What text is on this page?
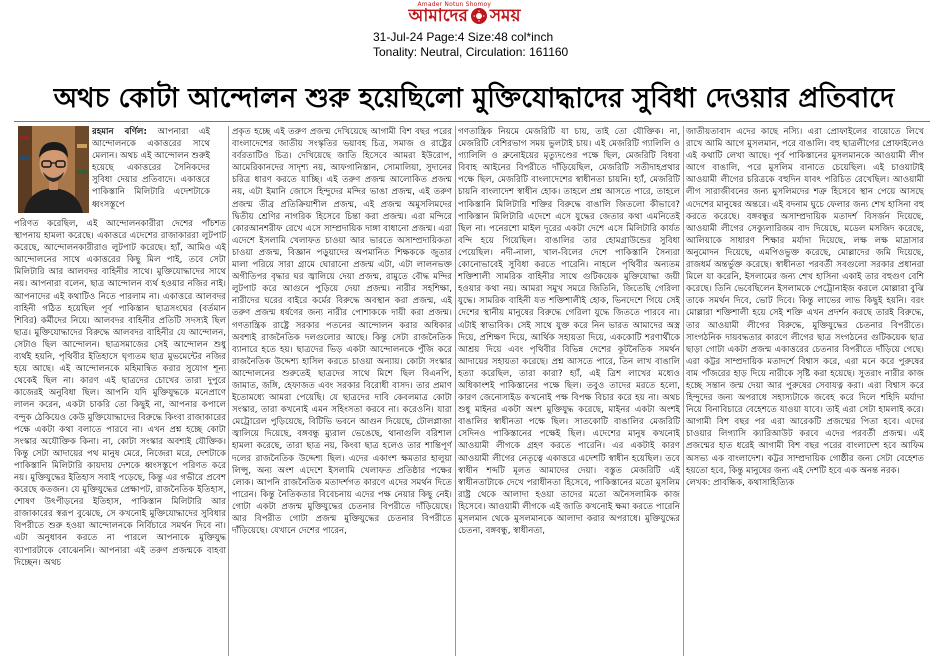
Amader Notun Shomoy
আমাদের সময়
31-Jul-24 Page:4 Size:48 col*inch
Tonality: Neutral, Circulation: 161160
অথচ কোটা আন্দোলন শুরু হয়েছিলো মুক্তিযোদ্ধাদের সুবিধা দেওয়ার প্রতিবাদে

রহমান বর্ণিল: আপনারা এই আন্দোলনকে একাত্তরের সাথে মেলান। অথচ এই আন্দোলন শুরুই হয়েছে একাত্তরের সৈনিকদের সুবিধা দেয়ার প্রতিবাদে। একাত্তরে পাকিস্তানি মিলিটারি এদেশটাকে ধ্বংসস্তূপে

পরিণত করেছিল, এই আন্দোলনকারীরা দেশের পাঁচশত স্থাপনায় হামলা করেছে। একাত্তরে এদেশের রাজাকাররা লুটপাট করেছে, আন্দোলনকারীরাও লুটপাট করেছে। হ্যাঁ, আমিও এই আন্দোলনের সাথে একাত্তরের কিছু মিল পাই, তবে সেটা মিলিটারি আর আলবদর বাহিনীর সাথে। মুক্তিযোদ্ধাদের সাথে নয়। আপনারা বলেন, ছাত্র আন্দোলন ব্যর্থ হওয়ার নজির নাই। আপনাদের এই কথাটিও নিতে পারলাম না। একাত্তরে আলবদর বাহিনী গঠিত হয়েছিল পূর্ব পাকিস্তান ছাত্রসংঘের (বর্তমান শিবির) কর্মীদের নিয়ে। আলবদর বাহিনীর প্রতিটি সদস্যই ছিল ছাত্র। মুক্তিযোদ্ধাদের বিরুদ্ধে আলবদর বাহিনীর যে আন্দোলন, সেটাও ছিল আন্দোলন। ছাত্রসমাজের সেই আন্দোলন শুধু ব্যর্থই হয়নি, পৃথিবীর ইতিহাসে ঘৃণ্যতম ছাত্র মুভমেন্টের নজির হয়ে আছে। এই আন্দোলনকে মহিমান্বিত করার সুযোগ শূন্য থেকেই ছিল না। কারণ এই ছাত্রদের চোখের তারা দুপুরে কাজেরই অনুবিধা ছিল। আপনি যদি মুক্তিযুদ্ধকে মনেপ্রাণে লালন করেন, একটা চাকরি তো কিছুই না, আপনার কপালে বন্দুক ঠেকিয়েও কেউ মুক্তিযোদ্ধাদের বিরুদ্ধে কিংবা রাজাকারের পক্ষে একটা কথা বলাতে পারবে না। এখন প্রশ্ন হচ্ছে কোটা সংস্কার অযৌক্তিক কিনা। না, কোটা সংস্কার অবশ্যই যৌক্তিক। কিন্তু সেটা আদায়ের পথ মানুষ মেরে, নিজেরা মরে, দেশটাকে পাকিস্তানি মিলিটারি কায়দায় দেশকে ধ্বংসস্তূপে পরিণত করে নয়। মুক্তিযুদ্ধের ইতিহাস সবাই পড়েছে, কিন্তু এর গভীরে প্রবেশ করেছে কতজন। যে মুক্তিযুদ্ধের প্রেক্ষাপট, রাজনৈতিক ইতিহাস, শোষণ উৎপীড়নের ইতিহাস, পাকিস্তান মিলিটারি আর রাজাকারের স্বরূপ বুঝেছে, সে কখনোই মুক্তিযোদ্ধাদের সুবিধার বিপরীতে শুরু হওয়া আন্দোলনকে নির্বিচারে সমর্থন দিবে না। এটা অনুধাবন করতে না পারলে আপনাকে মুক্তিযুদ্ধ ব্যাপারটাকে বোঝেননি। আপনারা এই তরুণ প্রজন্মকে বাহবা দিচ্ছেন। অথচ

প্রকৃত হচ্ছে এই তরুণ প্রজন্ম দেখিয়েছে আগামী বিশ বছর পরের বাংলাদেশের জাতীয় সংস্কৃতির ভয়াবহ চিত্র, সমাজ ও রাষ্ট্রের বর্বরতাটিও চিত্র। দেখিয়েছে জাতি হিসেবে আমরা ইউরোপ, আমেরিকানদের সাদৃশ্য নয়, আফগানিস্তান, সোমালিয়া, সুদানের চরিত্র ধারণ করতে যাচ্ছি। এই তরুণ প্রজন্ম আলোকিত প্রজন্ম নয়, এটা ইমানি জোসে হিন্দুদের মন্দির ভাঙা প্রজন্ম, এই তরুণ প্রজন্ম তীব্র প্রতিক্রিয়াশীল প্রজন্ম, এই প্রজন্ম অমুসলিমদের দ্বিতীয় শ্রেণির নাগরিক হিসেবে চিন্তা করা প্রজন্ম। এরা মন্দিরে কোরআনশরীফ রেখে এসে সাম্প্রদায়িক দাঙ্গা বাধানো প্রজন্ম। এরা এদেশে ইসলামি খেলাফত চাওয়া আর ভারতে অসাম্প্রদায়িকতা চাওয়া প্রজন্ম, বিজ্ঞান পড়ুয়াদের অপমানিত শিক্ষককে জুতার মালা পরিয়ে সারা গ্রামে ঘোরানো প্রজন্ম এটা, এটা লালনভক্ত অগীতিপর বৃদ্ধার ঘর জ্বালিয়ে দেয়া প্রজন্ম, রামুতে বৌদ্ধ মন্দির লুটপাট করে আগুনে পুড়িয়ে দেয়া প্রজন্ম। নারীর সহশিক্ষা, নারীদের ঘরের বাইরে কর্মের বিরুদ্ধে অবস্থান করা প্রজন্ম, এই তরুণ প্রজন্ম ধর্ষণের জন্য নারীর পোশাককে দায়ী করা প্রজন্ম। গণতান্ত্রিক রাষ্ট্রে সরকার পতনের আন্দোলন করার অধিকার অবশ্যই রাজনৈতিক দলগুলোর আছে। কিন্তু সেটা রাজনৈতিক ব্যানারে হতে হয়। ছাত্রদের ভিড় একটা আন্দোলনকে পুঁজি করে রাজনৈতিক উদ্দেশ্য হাসিল করতে চাওয়া অন্যায়। কোটা সংস্কার আন্দোলনের শুরুতেই ছাত্রদের সাথে মিশে ছিল বিএনপি, জামাত, জঙ্গি, হেফাজত এবং সরকার বিরোধী বাসদ। তার প্রমাণ ইতোমধ্যে আমরা পেয়েছি। যে ছাত্রদের দাবি কেবলমাত্র কোটা সংস্কার, তারা কখনোই এমন সহিংসতা করবে না। করেওনি। যারা মেট্রোরেল পুড়িয়েছে, বিটিভি ভবনে আগুন দিয়েছে, টোলপ্লাজা জ্বালিয়ে দিয়েছে, বঙ্গবন্ধু ম্যুরাল ভেঙেছে, থানাগুলি বরিশাল হামলা করেছে, তারা ছাত্র নয়, কিংবা ছাত্র হলেও তার শান্তিপূর্ণ দলের রাজনৈতিক উদ্দেশ্য ছিল। এদের একাংশ ক্ষমতার হালুয়া লিপ্সু, অন্য অংশ এদেশে ইসলামি খেলাফত প্রতিষ্ঠার পক্ষের লোক। আপনি রাজনৈতিক মতাদর্শগত কারণে এদের সমর্থন দিতে পারেন। কিন্তু নৈতিকতার বিবেচনায় এদের পক্ষ নেয়ার কিছু নেই। গোটা একটা প্রজন্ম মুক্তিযুদ্ধের চেতনার বিপরীতে দাঁড়িয়েছে। আর বিপরীত গোটা প্রজন্ম মুক্তিযুদ্ধের চেতনার বিপরীতে দাঁড়িয়েছে। যেখানে দেশের পারেন,

গণতান্ত্রিক নিয়মে মেজরিটি যা চায়, তাই তো যৌক্তিক। না, মেজরিটি বেশিরভাগ সময় ভুলটাই চায়। এই মেজরিটি গ্যালিলি ও গ্যালিলি ও ব্রুনোইয়ের মৃত্যুদণ্ডের পক্ষে ছিল, মেজরিটি বিধবা বিবাহ আইনের বিপরীতে দাঁড়িয়েছিল, মেজরিটি সতীদাহপ্রথার পক্ষে ছিল, মেজরিটি বাংলাদেশের স্বাধীনতা চায়নি। হ্যাঁ, মেজরিটি চায়নি বাংলাদেশ স্বাধীন হোক। তাহলে প্রশ্ন আসতে পারে, তাহলে পাকিস্তানি মিলিটারি শক্তির বিরুদ্ধে বাঙালি জিতলো কীভাবে? পাকিস্তান মিলিটারি এদেশে এসে যুদ্ধের জেতার কথা এমনিতেই ছিল না। পনেরশো মাইল দূরের একটা দেশে এসে মিলিটারি কার্যত বন্দি হয়ে গিয়েছিল। বাঙালির তার হোমগ্রাউন্ডের সুবিধা পেয়েছিল। নদী-নালা, খাল-বিলের দেশে পাকিস্তানি সৈন্যরা কোনোভাবেই সুবিধা করতে পারেনি। নাহলে পৃথিবীর অন্যতম শক্তিশালী সামরিক বাহিনীর সাথে গুটিকয়েক মুক্তিযোদ্ধা জয়ী হওয়ার কথা নয়। আমরা সমুখ সমরে জিতিনি, জিতেছি গেরিলা যুদ্ধে। সামরিক বাহিনী যত শক্তিশালীই হোক, ভিনদেশে গিয়ে সেই দেশের স্থানীয় মানুষের বিরুদ্ধে গেরিলা যুদ্ধে জিততে পারবে না। এটাই স্বাভাবিক। সেই সাথে যুক্ত করে নিন ভারত আমাদের অস্ত্র দিয়ে, প্রশিক্ষণ দিয়ে, আর্থিক সহায়তা দিয়ে, এককোটি শরণার্থীকে আশ্রয় দিয়ে এবং পৃথিবীর বিভিন্ন দেশের কূটনৈতিক সমর্থন আদায়ের সহায়তা করেছে। প্রশ্ন আসতে পারে, তিন লাখ বাঙালি হত্যা করেছিল, তারা কারা? হ্যাঁ, এই ত্রিশ লাখের মধ্যেও অধিকাংশই পাকিস্তানের পক্ষে ছিল। তবুও তাদের মরতে হলো, কারণ জেনোসাইড কখনোই পক্ষ বিপক্ষ বিচার করে হয় না। অথচ শুধু মাইনর একটা অংশ মুক্তিযুদ্ধ করেছে, মাইনর একটা অংশই বাঙালির স্বাধীনতা পক্ষে ছিল। সাতকোটি বাঙালির মেজরিটি সেদিনও পাকিস্তানের পক্ষেই ছিল। এদেশের মানুষ কখনোই আওয়ামী লীগকে গ্রহণ করতে পারেনি। এর একটাই কারণ আওয়ামী লীগের নেতৃত্বে একাত্তরে এদেশটি স্বাধীন হয়েছিল। তবে স্বাধীন শব্দটি মূলত আমাদের দেয়া। বস্তুত মেজরিটি এই স্বাধীনতাটাকে দেখে পরাধীনতা হিসেবে, পাকিস্তানের মতো মুসলিম রাষ্ট্র থেকে আলাদা হওয়া তাদের মতো অনৈসলামিক কাজ হিসেবে। আওয়ামী লীগকে এই জাতি কখনোই ক্ষমা করতে পারেনি মুসলমান থেকে মুসলমানকে আলাদা করার অপরাধে। মুক্তিযুদ্ধের চেতনা, বঙ্গবন্ধু, স্বাধীনতা,

জাতীয়তাবাদ এদের কাছে নস্যি। এরা প্রোফাইলের বায়োতে লিখে রাখে আমি আগে মুসলমান, পরে বাঙালি। বহু ছাত্রলীগের প্রোফাইলেও এই কথাটি লেখা আছে। পূর্ব পাকিস্তানের মুসলমানকে আওয়ামী লীগ আগে বাঙালি, পরে মুসলিম বানাতে চেয়েছিল। এই চাওয়াটাই আওয়ামী লীগের চরিত্রকে বহুদিন যাবৎ পরিচিত রেখেছিল। আওয়ামী লীগ সারাজীবনের জন্য মুসলিমদের শত্রু হিসেবে স্থান পেয়ে আসছে এদেশের মানুষের অন্তরে। এই বদনাম ঘুচে ফেলার জন্য শেখ হাসিনা বহু করতে করেছে। বঙ্গবন্ধুর অসাম্প্রদায়িক মতাদর্শ বিসর্জন দিয়েছে, আওয়ামী লীগের সেক্যুলারিজম বাদ দিয়েছে, মডেল মসজিদ করেছে, আলিয়াকে সাধারণ শিক্ষার মর্যাদা দিয়েছে, লক্ষ লক্ষ মাদ্রাসার অনুমোদন দিয়েছে, এমপিওভুক্ত করেছে, মোল্লাদের জমি দিয়েছে, রাজধর্ম অন্তর্ভুক্ত করেছে। স্বাধীনতা পরবর্তী সবগুলো সরকার প্রধানরা মিলে যা করেনি, ইসলামের জন্য শেখ হাসিনা একাই তার বহুগুণ বেশি করেছে। তিনি ভেবেছিলেন ইসলামকে পেট্রোনাইজ করলে মোল্লারা বুঝি তাকে সমর্থন দিবে, ভোট দিবে। কিন্তু লাভের লাভ কিছুই হয়নি। বরং মোল্লারা শক্তিশালী হয়ে সেই শক্তি এখন প্রদর্শন করছে তারই বিরুদ্ধে, তার আওয়ামী লীগের বিরুদ্ধে, মুক্তিযুদ্ধের চেতনার বিপরীতে। সাংগঠনিক দায়বদ্ধতার কারণে লীগের ছাত্র সংগঠনের গুটিকয়েক ছাত্র ছাড়া গোটা একটা প্রজন্ম একাত্তরের চেতনার বিপরীতে দাঁড়িয়ে গেছে। এরা কট্টর সাম্প্রদায়িক মতাদর্শে বিশ্বাস করে, এরা মনে করে পুরুষের বাম পাঁজরের হাড় দিয়ে নারীকে সৃষ্টি করা হয়েছে। সুতরাং নারীর কাজ হচ্ছে সন্তান জন্ম দেয়া আর পুরুষের সেবাযত্ন করা। এরা বিশ্বাস করে হিন্দুদের জন্য অপরাধে সহাস্যটাকে জবেহ করে দিলে শহিদি মর্যাদা নিয়ে বিনাবিচারে বেহেশতে যাওয়া যাবে। তাই এরা সেটা হামলাই করে। আগামী বিশ বছর পর এরা আরেকটি প্রজন্মের পিতা হবে। এদের চাওয়ার লিগ্যাসি ক্যারিআউট করবে এদের পরবর্তী প্রজন্ম। এই প্রজন্মের হাত ধরেই আগামী বিশ বছর পরের বাংলাদেশ হবে আফিম অসভ্য এক বাংলাদেশ। কট্টর সাম্প্রদায়িক গোষ্ঠীর জন্য সেটা বেহেশত হয়তো হবে, কিন্তু মানুষের জন্য এই দেশটি হবে এক অনন্ত নরক।

লেখক: প্রাবন্ধিক, কথাসাহিত্যিক
